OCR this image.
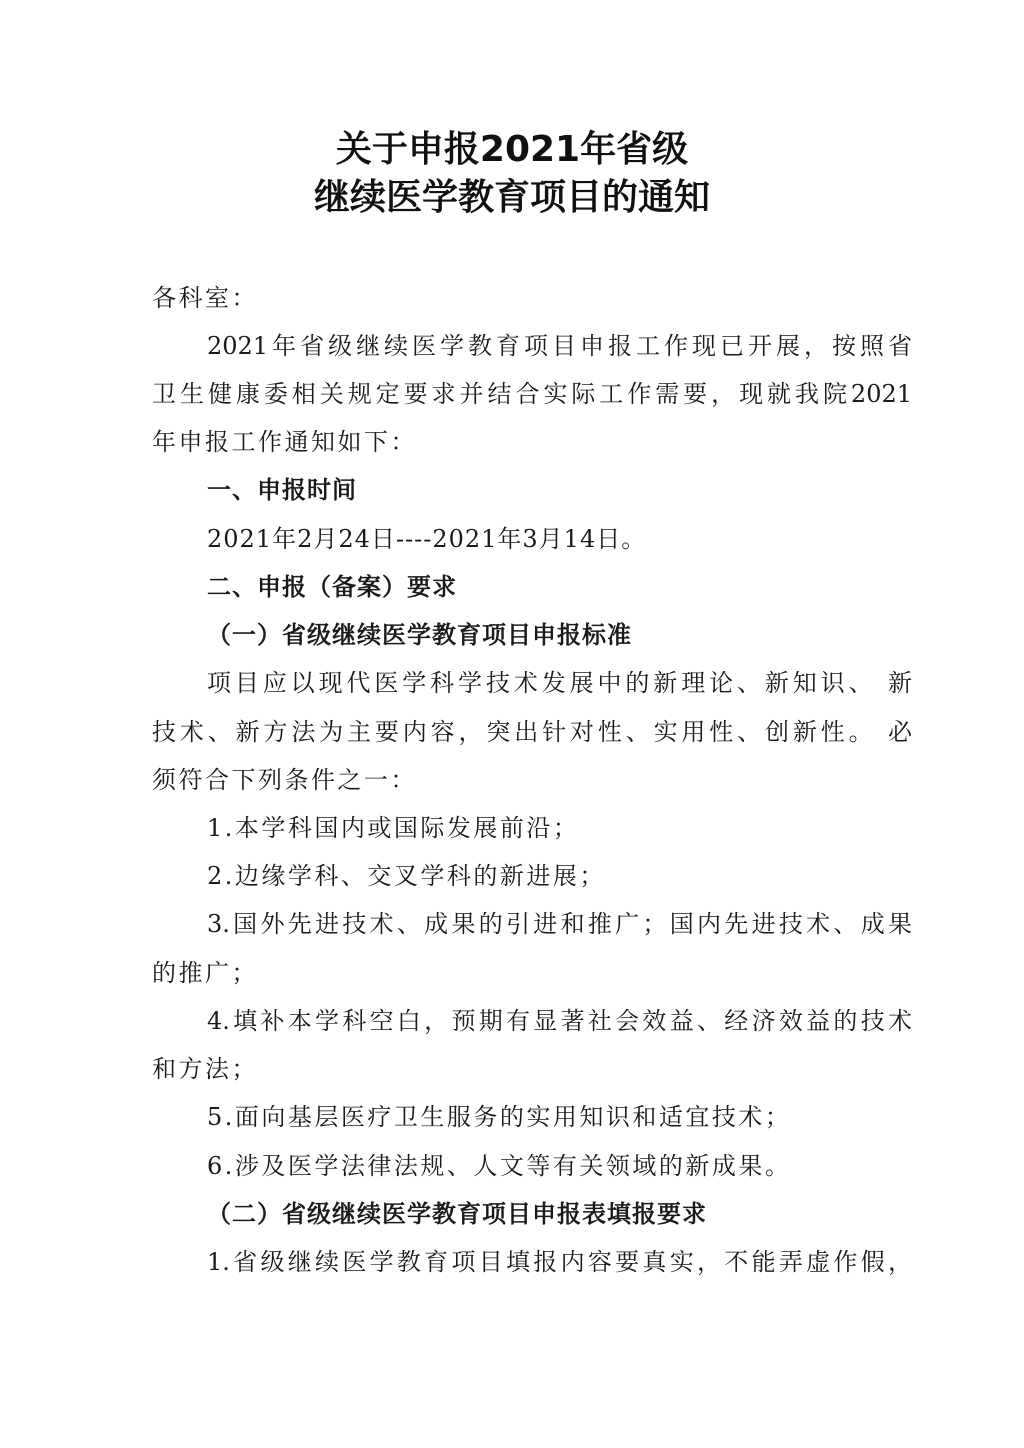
关于申报2021年省级
继续医学教育项目的通知
各科室：
2021年省级继续医学教育项目申报工作现已开展，按照省
卫生健康委相关规定要求并结合实际工作需要，现就我院2021
年申报工作通知如下：
一、申报时间
2021年2月24日----2021年3月14日。
二、申报（备案）要求
（一）省级继续医学教育项目申报标准
项目应以现代医学科学技术发展中的新理论、新知识、 新
技术、新方法为主要内容，突出针对性、实用性、创新性。 必
须符合下列条件之一：
1.本学科国内或国际发展前沿；
2.边缘学科、交叉学科的新进展；
3.国外先进技术、成果的引进和推广；国内先进技术、成果
的推广；
4.填补本学科空白，预期有显著社会效益、经济效益的技术
和方法；
5.面向基层医疗卫生服务的实用知识和适宜技术；
6.涉及医学法律法规、人文等有关领域的新成果。
（二）省级继续医学教育项目申报表填报要求
1.省级继续医学教育项目填报内容要真实，不能弄虚作假，
